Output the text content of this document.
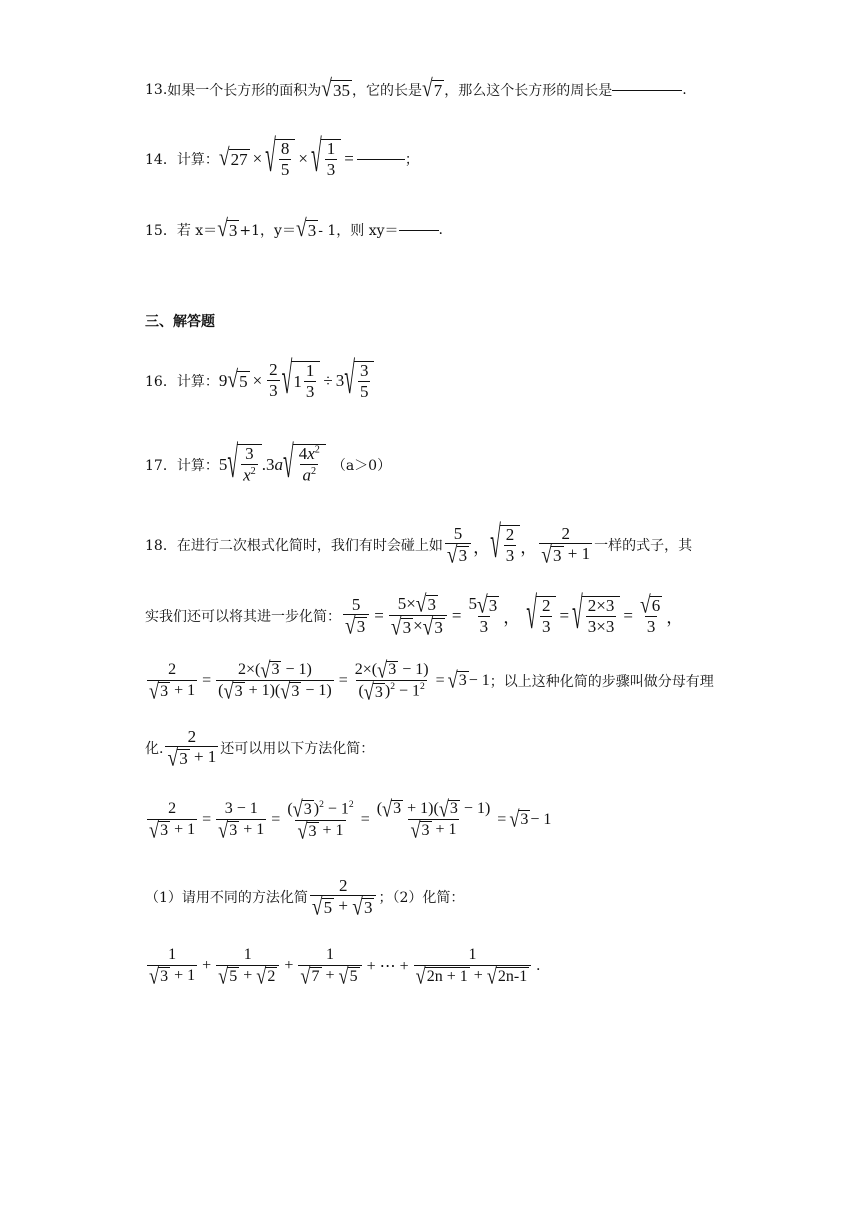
13. 如果一个长方形的面积为 √ 35 ，它的长是 √ 7 ，那么这个长方形的周长是	.
14． 计算： √ 27 × √ $\frac{8}{5}$ × √ $\frac{1}{3}$ =	；
15． 若 x＝ √ 3 +1，y＝ √ 3 - 1，则 xy＝	.
三、解答题
16． 计算： 9 √ $5 \times \frac{2}{3}$ √ $1 \frac{1}{3} \div 3$ √ $\frac{3}{5}$
17． 计算： 5 √ $\frac{3}{x^2} .3$ a √ $\frac{4x^2}{a^2} (a>0)$
18． 在进行二次根式化简时，我们有时会碰上如 $\frac{5}{√ 3}$ ， √ $\frac{2}{3}$ ， $\frac{2}{√ 3 + 1}$ 一样的式子，其
实我们还可以将其进一步化简： $\frac{5}{√ 3} = \frac{5\times √ 3}{√ 3 \times √ 3} = \frac{5 √ 3}{3}$ ， √ $\frac{2}{3}$ = √ $\frac{2\times 3}{3\times 3} = \frac{√ 6}{3}$ ，
$\frac{2}{√ 3 + 1} = \frac{2\times( √ 3 - 1)}{( √ 3 + 1)( √ 3 - 1)} = \frac{2\times( √ 3 - 1)}{( √ 3 )^2 - 1^2}$ = √ 3 − 1 ；以上这种化简的步骤叫做分母有理
化. $\frac{2}{√ 3 + 1}$ 还可以用以下方法化简：
$\frac{2}{√ 3 + 1} = \frac{3 - 1}{√ 3 + 1} = \frac{( √ 3 )^2 - 1^2}{√ 3 + 1} = \frac{( √ 3 + 1)( √ 3 - 1)}{√ 3 + 1}$ = √ 3 − 1
（1）请用不同的方法化简 $\frac{2}{√ 5 + √ 3}$ ；（2）化简：
$\frac{1}{√ 3 + 1} + \frac{1}{√ 5 + √ 2} + \frac{1}{√ 7 + √ 5}$ + ⋯ + $\frac{1}{√ 2n + 1 + √ 2n-1}$ .
